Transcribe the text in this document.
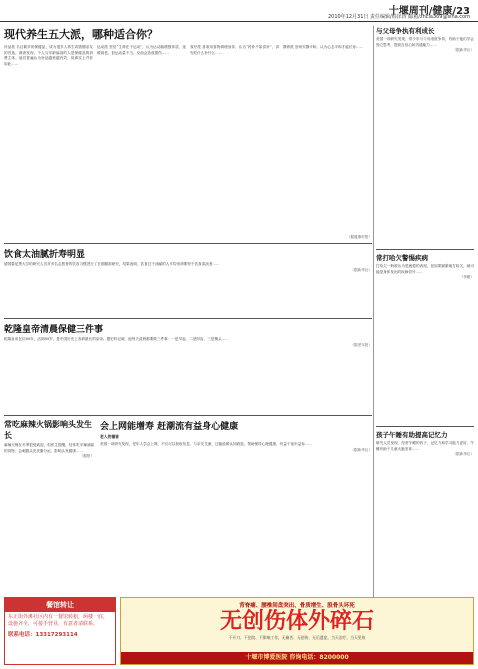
十堰周刊/健康/23
2010年12月31日 责任编辑/韩泽涛 邮箱/zhcia369@sina.com
现代养生五大派，哪种适合你？
补品派 名目繁多的保健品，成为很多人养生或馈赠亲友的首选。调查发现，个人与年龄偏高的人是保健品的消费主体。他们普遍认为补品越贵越有效，但事实上并非如此……
运动派 坚信“生命在于运动”，认为运动能增强体质、延缓衰老。但运动量不当，反而会造成损伤……
食疗派 喜欢用食物调理身体，认为“药补不如食补”，讲究吃什么补什么……
静养派 崇尚安静平和，认为心态平和才能长寿……
（据健康时报）
饮食太油腻折寿明显
德国慕尼黑大学的研究人员对多名志愿者的饮食习惯进行了长期跟踪研究，结果表明，饮食过于油腻的人平均寿命要短于饮食清淡者……
（据新华社）
乾隆皇帝清晨保健三件事
乾隆皇帝在位60年，活到89岁，是中国历史上寿命最长的皇帝。据史料记载，他每天清晨都要做三件事：一是早起、二是叩齿、三是梳头……
（据老年报）
常吃麻辣火锅影响头发生长
麻辣火锅在冬季很受欢迎，但医生提醒，经常吃辛辣油腻的食物，会刺激头皮皮脂分泌，影响头发健康……
（据报）
会上网能增寿 赶潮流有益身心健康
老人的福音
美国一项研究发现，老年人学会上网，不仅可以获取信息、与亲友交流，还能延缓认知衰退，帮助保持心理健康，有益于延年益寿……
（据新华社）
与父母争执有利成长
美国一项研究发现，青少年与父母适度争执，有助于他们学会独立思考，提高自信心和沟通能力……
（据新华社）
常打哈欠警惕疾病
打哈欠一般被认为是疲倦的表现，但如果频繁地打哈欠，就可能是身体发出的疾病信号……
（李朝）
孩子午睡有助提高记忆力
研究人员发现，经常午睡的孩子，记忆力和学习能力更好，午睡有助于儿童大脑发育……
（据新华社）
餐馆转让
东正街外滩社区内有一餐馆转租，两楼一底，设施齐全，可接手营业，有意者请联系。
联系电话：13317293114
背脊痛、腰椎间盘突出、骨质增生、股骨头坏死
无创伤体外碎石
不开刀、不住院、不影响工作，无痛苦、无创伤、无后遗症，当天治疗，当天见效
十堰市博爱医院 咨询电话：8200000
